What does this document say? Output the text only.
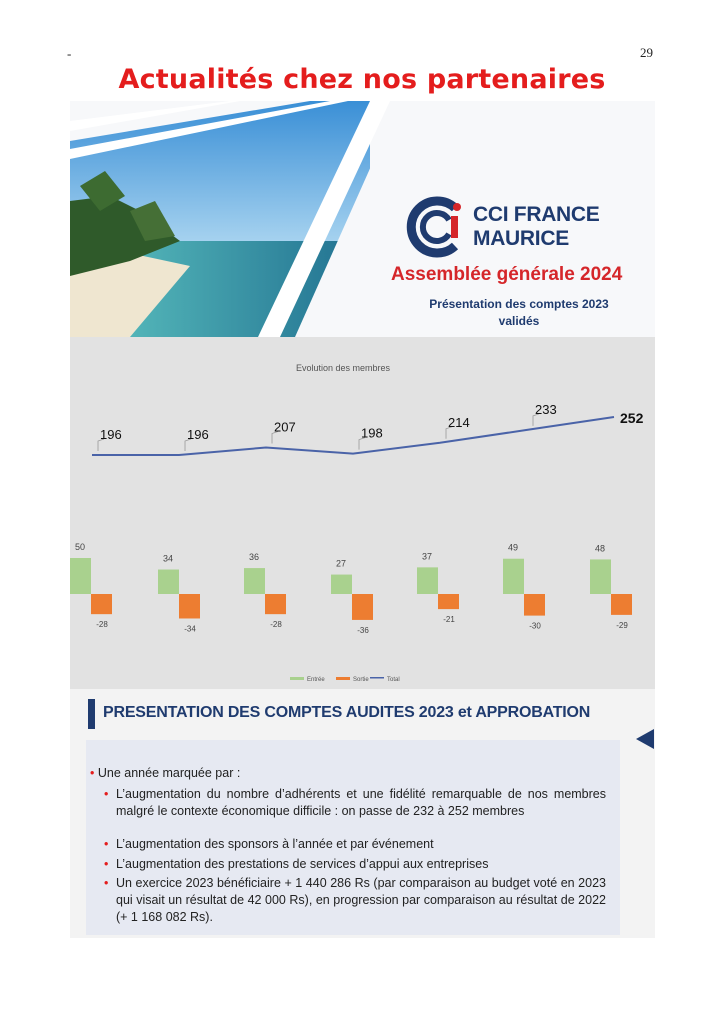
-	29
Actualités chez nos partenaires
CCI FRANCE
MAURICE
Assemblée générale 2024
Présentation des comptes 2023
validés
Evolution des membres
196	196	207	198
214
233
252
50
34	36
27
37
49	48
-28	-34	-28
-36
-21
-30	-29
Entrée	Sortie	Total
PRESENTATION DES COMPTES AUDITES 2023 et APPROBATION
• Une année marquée par :
• L’augmentation du nombre d’adhérents et une fidélité remarquable de nos membres malgré le contexte économique difficile : on passe de 232 à 252 membres
• L’augmentation des sponsors à l’année et par événement
• L’augmentation des prestations de services d’appui aux entreprises
• Un exercice 2023 bénéficiaire + 1 440 286 Rs (par comparaison au budget voté en 2023 qui visait un résultat de 42 000 Rs), en progression par comparaison au résultat de 2022 (+ 1 168 082 Rs).
